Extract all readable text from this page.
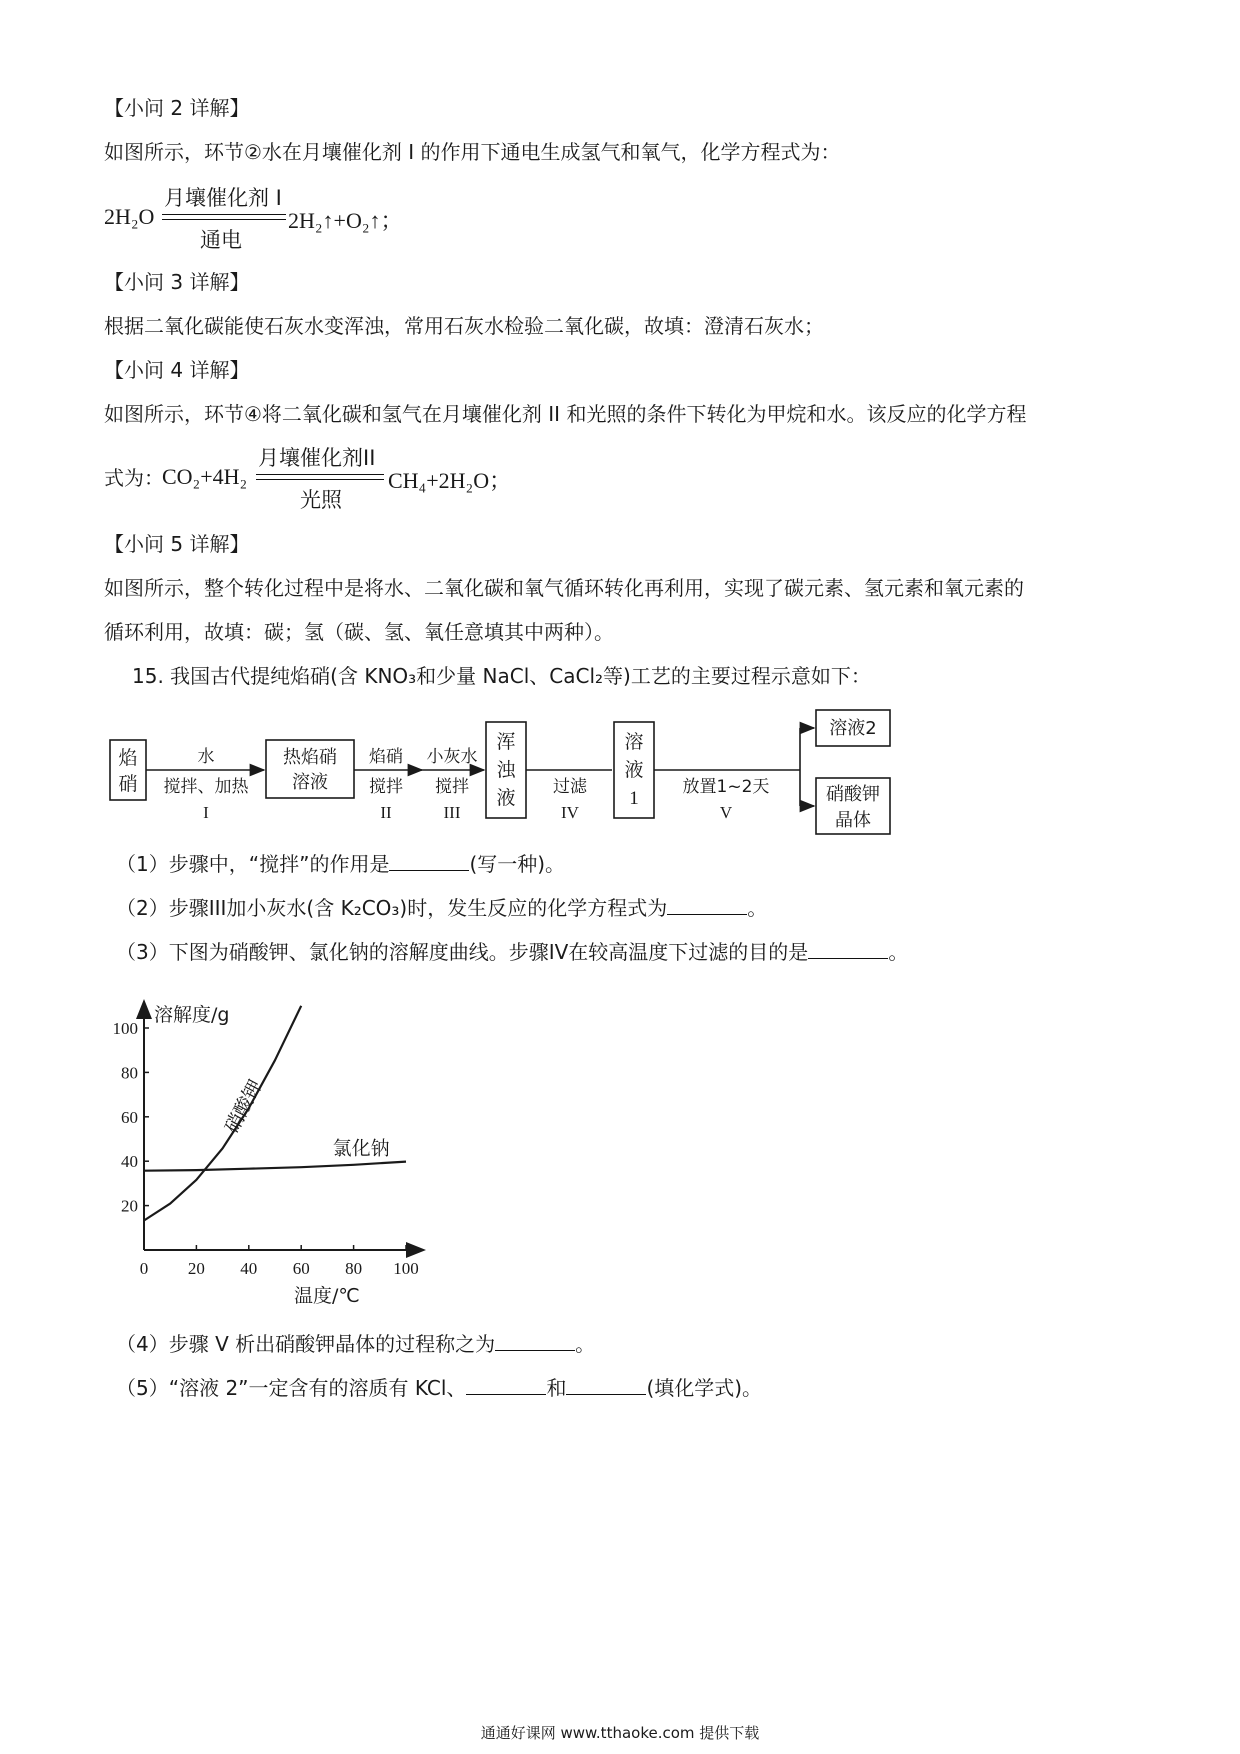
【小问 2 详解】
如图所示，环节②水在月壤催化剂 I 的作用下通电生成氢气和氧气，化学方程式为：
2H₂O
月壤催化剂 I
通电
2H₂↑+O₂↑；
【小问 3 详解】
根据二氧化碳能使石灰水变浑浊，常用石灰水检验二氧化碳，故填：澄清石灰水；
【小问 4 详解】
如图所示，环节④将二氧化碳和氢气在月壤催化剂 II 和光照的条件下转化为甲烷和水。该反应的化学方程
式为：
CO₂+4H₂
月壤催化剂II
光照
CH₄+2H₂O；
【小问 5 详解】
如图所示，整个转化过程中是将水、二氧化碳和氧气循环转化再利用，实现了碳元素、氢元素和氧元素的
循环利用，故填：碳；氢（碳、氢、氧任意填其中两种）。
15. 我国古代提纯焰硝(含 KNO₃和少量 NaCl、CaCl₂等)工艺的主要过程示意如下：
焰
硝
热焰硝
溶液
浑
浊
液
溶
液
1
溶液2
硝酸钾
晶体
水
搅拌、加热
I
焰硝
搅拌
II
小灰水
搅拌
III
过滤
IV
放置1~2天
V
（1）步骤中，“搅拌”的作用是	(写一种)。
（2）步骤III加小灰水(含 K₂CO₃)时，发生反应的化学方程式为	。
（3）下图为硝酸钾、氯化钠的溶解度曲线。步骤IV在较高温度下过滤的目的是	。
0 20 40 60 80 100
20
40
60
80
100
溶解度/g
温度/℃
硝酸钾
氯化钠
（4）步骤 V 析出硝酸钾晶体的过程称之为	。
（5）“溶液 2”一定含有的溶质有 KCl、	和	(填化学式)。
通通好课网 www.tthaoke.com 提供下载
